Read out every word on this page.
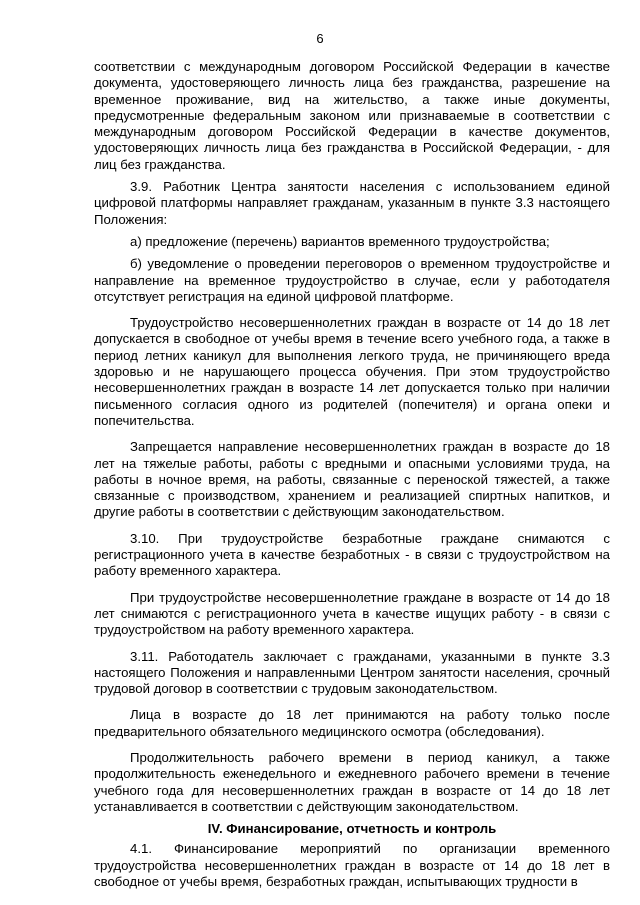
6

соответствии с международным договором Российской Федерации в качестве документа, удостоверяющего личность лица без гражданства, разрешение на временное проживание, вид на жительство, а также иные документы, предусмотренные федеральным законом или признаваемые в соответствии с международным договором Российской Федерации в качестве документов, удостоверяющих личность лица без гражданства в Российской Федерации, - для лиц без гражданства.

3.9. Работник Центра занятости населения с использованием единой цифровой платформы направляет гражданам, указанным в пункте 3.3 настоящего Положения:

а) предложение (перечень) вариантов временного трудоустройства;

б) уведомление о проведении переговоров о временном трудоустройстве и направление на временное трудоустройство в случае, если у работодателя отсутствует регистрация на единой цифровой платформе.

Трудоустройство несовершеннолетних граждан в возрасте от 14 до 18 лет допускается в свободное от учебы время в течение всего учебного года, а также в период летних каникул для выполнения легкого труда, не причиняющего вреда здоровью и не нарушающего процесса обучения. При этом трудоустройство несовершеннолетних граждан в возрасте 14 лет допускается только при наличии письменного согласия одного из родителей (попечителя) и органа опеки и попечительства.

Запрещается направление несовершеннолетних граждан в возрасте до 18 лет на тяжелые работы, работы с вредными и опасными условиями труда, на работы в ночное время, на работы, связанные с переноской тяжестей, а также связанные с производством, хранением и реализацией спиртных напитков, и другие работы в соответствии с действующим законодательством.

3.10. При трудоустройстве безработные граждане снимаются с регистрационного учета в качестве безработных - в связи с трудоустройством на работу временного характера.

При трудоустройстве несовершеннолетние граждане в возрасте от 14 до 18 лет снимаются с регистрационного учета в качестве ищущих работу - в связи с трудоустройством на работу временного характера.

3.11. Работодатель заключает с гражданами, указанными в пункте 3.3 настоящего Положения и направленными Центром занятости населения, срочный трудовой договор в соответствии с трудовым законодательством.

Лица в возрасте до 18 лет принимаются на работу только после предварительного обязательного медицинского осмотра (обследования).

Продолжительность рабочего времени в период каникул, а также продолжительность еженедельного и ежедневного рабочего времени в течение учебного года для несовершеннолетних граждан в возрасте от 14 до 18 лет устанавливается в соответствии с действующим законодательством.

IV. Финансирование, отчетность и контроль

4.1. Финансирование мероприятий по организации временного трудоустройства несовершеннолетних граждан в возрасте от 14 до 18 лет в свободное от учебы время, безработных граждан, испытывающих трудности в
